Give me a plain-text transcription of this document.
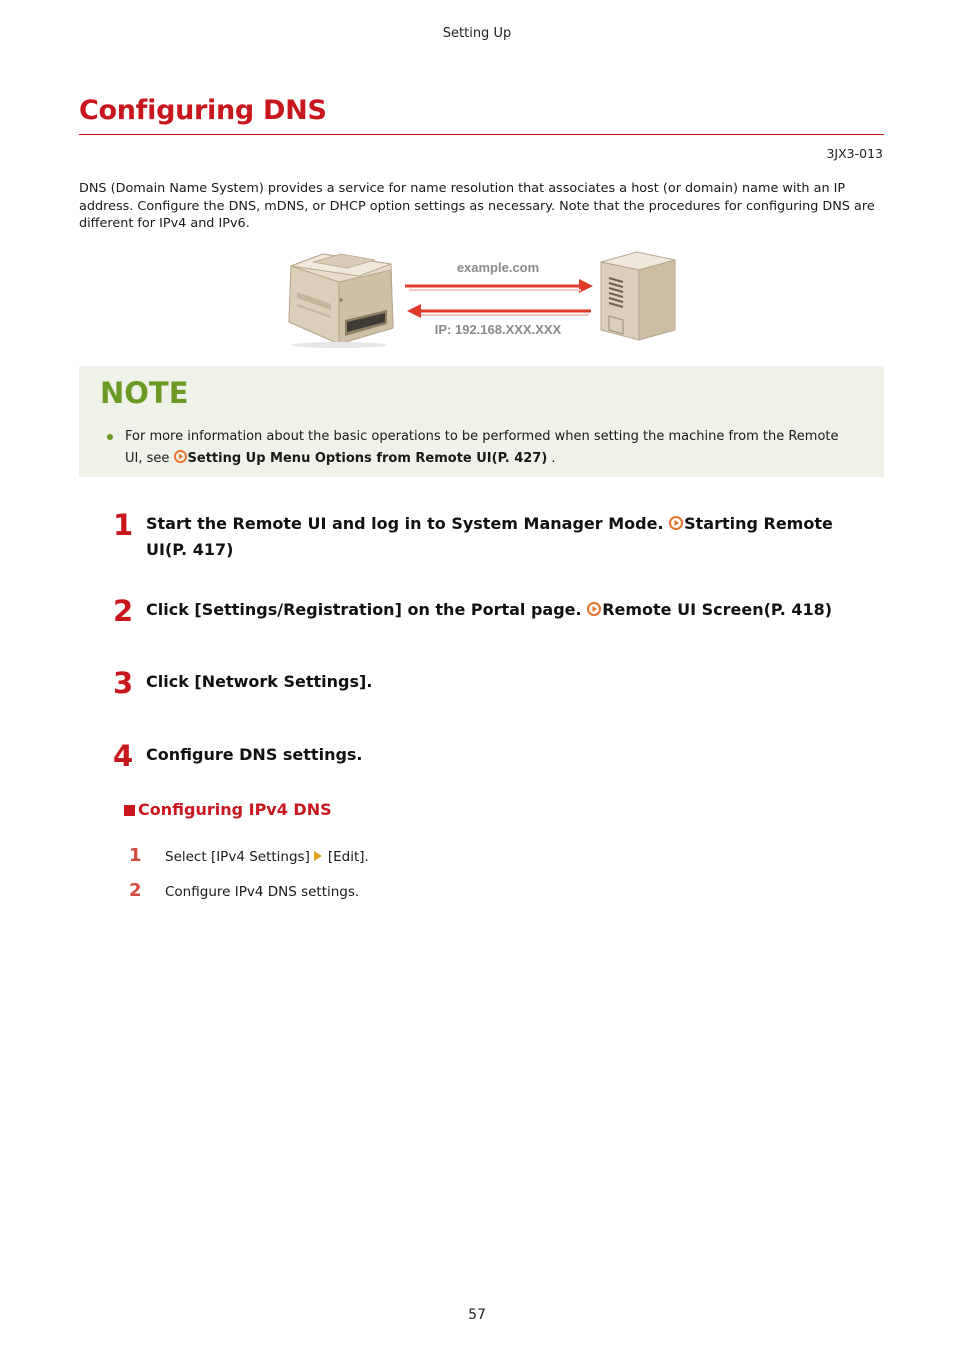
Setting Up
Configuring DNS
3JX3-013
DNS (Domain Name System) provides a service for name resolution that associates a host (or domain) name with an IP address. Configure the DNS, mDNS, or DHCP option settings as necessary. Note that the procedures for configuring DNS are different for IPv4 and IPv6.
example.com
IP: 192.168.XXX.XXX
NOTE
For more information about the basic operations to be performed when setting the machine from the Remote UI, see Setting Up Menu Options from Remote UI(P. 427) .
1 Start the Remote UI and log in to System Manager Mode. Starting Remote UI(P. 417)
2 Click [Settings/Registration] on the Portal page. Remote UI Screen(P. 418)
3 Click [Network Settings].
4 Configure DNS settings.
Configuring IPv4 DNS
1 Select [IPv4 Settings] [Edit].
2 Configure IPv4 DNS settings.
57
